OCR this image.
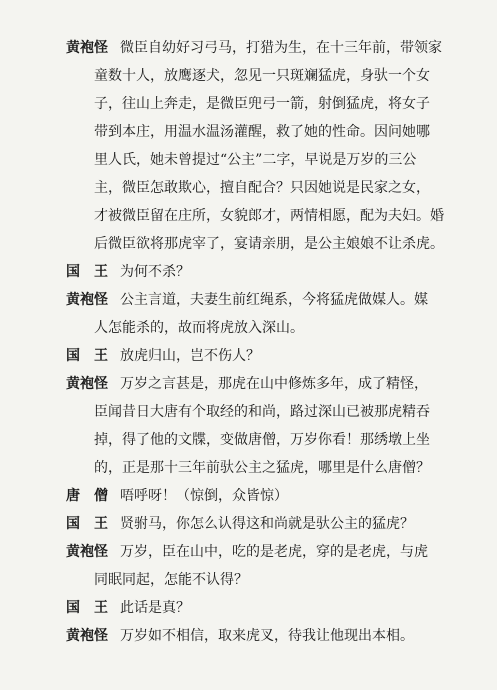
黄袍怪 微臣自幼好习弓马，打猎为生，在十三年前，带领家
童数十人，放鹰逐犬，忽见一只斑斓猛虎，身驮一个女
子，往山上奔走，是微臣兜弓一箭，射倒猛虎，将女子
带到本庄，用温水温汤灌醒，救了她的性命。因问她哪
里人氏，她未曾提过“公主”二字，早说是万岁的三公
主，微臣怎敢欺心，擅自配合？只因她说是民家之女，
才被微臣留在庄所，女貌郎才，两情相愿，配为夫妇。婚
后微臣欲将那虎宰了，宴请亲朋，是公主娘娘不让杀虎。
国　王 为何不杀？
黄袍怪 公主言道，夫妻生前红绳系，今将猛虎做媒人。媒
人怎能杀的，故而将虎放入深山。
国　王 放虎归山，岂不伤人？
黄袍怪 万岁之言甚是，那虎在山中修炼多年，成了精怪，
臣闻昔日大唐有个取经的和尚，路过深山已被那虎精吞
掉，得了他的文牒，变做唐僧，万岁你看！那绣墩上坐
的，正是那十三年前驮公主之猛虎，哪里是什么唐僧？
唐　僧 唔呼呀！（惊倒，众皆惊）
国　王 贤驸马，你怎么认得这和尚就是驮公主的猛虎？
黄袍怪 万岁，臣在山中，吃的是老虎，穿的是老虎，与虎
同眠同起，怎能不认得？
国　王 此话是真？
黄袍怪 万岁如不相信，取来虎叉，待我让他现出本相。
